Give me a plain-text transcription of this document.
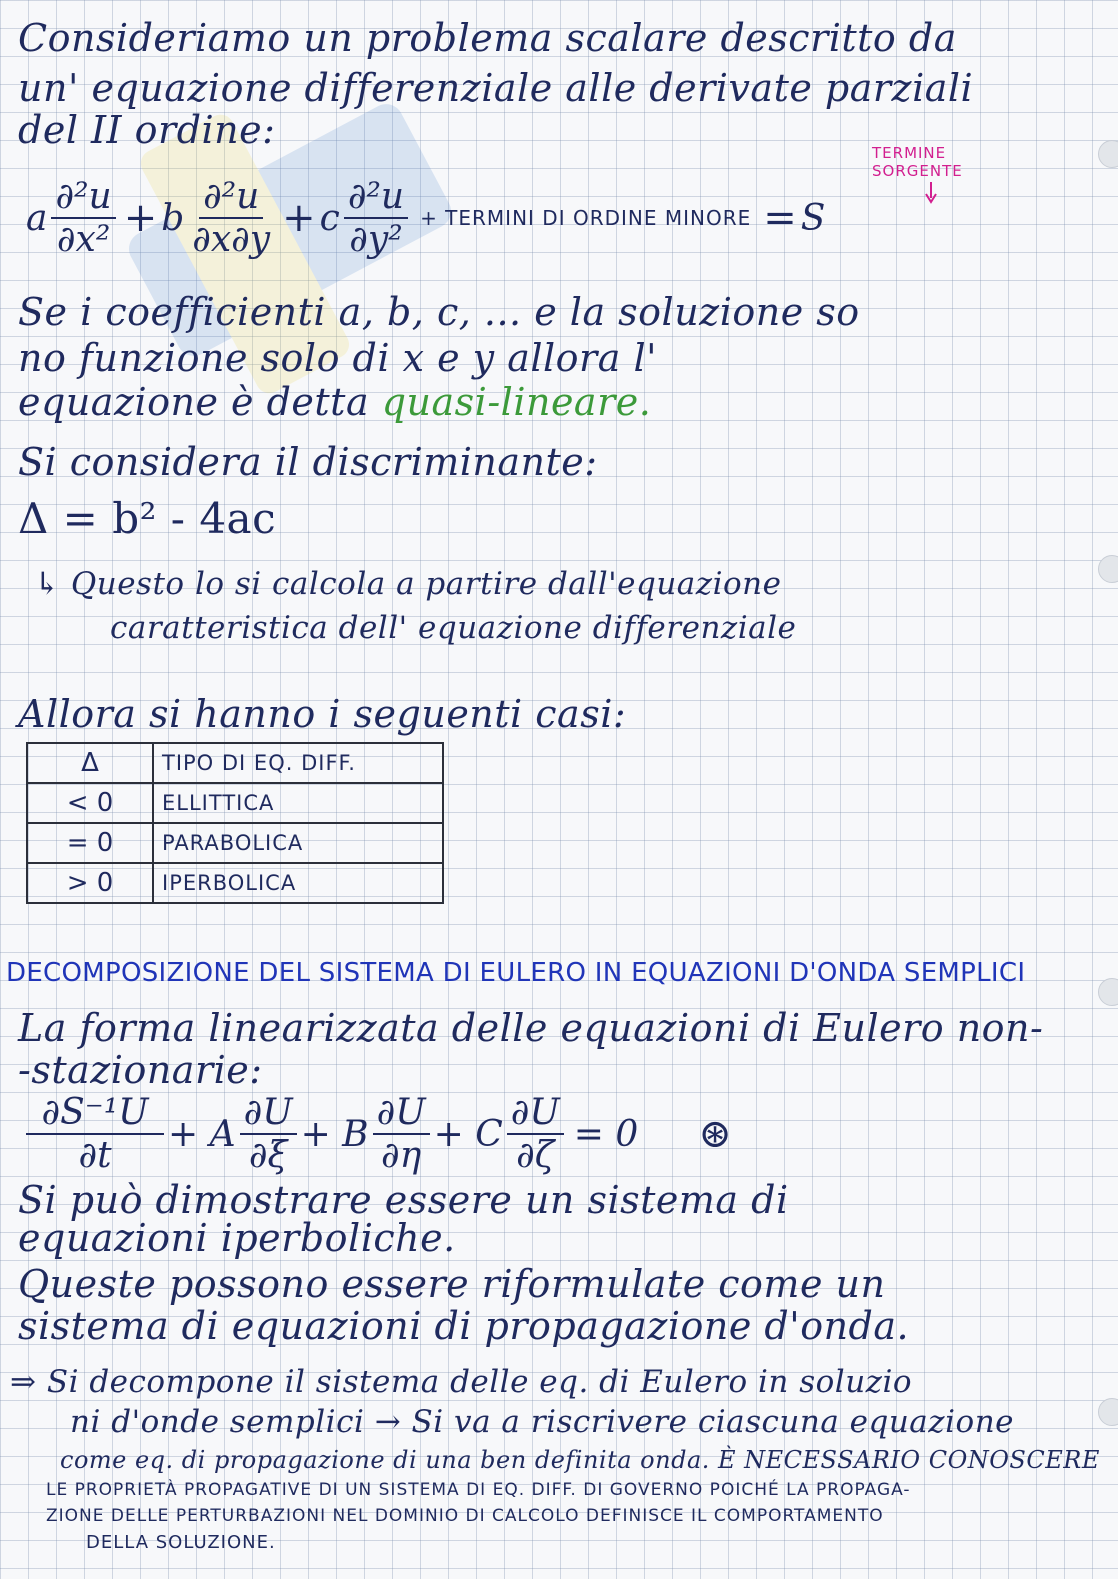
Consideriamo un problema scalare descritto da
un' equazione differenziale alle derivate parziali
del II ordine:
TERMINE
SORGENTE
a $\frac{\text{∂²u}}{\text{∂x²}} + b \frac{\text{∂²u}}{\partial x\partial y} + c \frac{\text{∂²u}}{\text{∂y²}}$ + TERMINI DI ORDINE MINORE = S
Se i coefficienti a, b, c, ... e la soluzione so
no funzione solo di x e y allora l'
equazione è detta quasi-lineare.
Si considera il discriminante:
Δ = b² - 4ac
↳ Questo lo si calcola a partire dall'equazione
caratteristica dell' equazione differenziale
Allora si hanno i seguenti casi:
Δ	TIPO DI EQ. DIFF.
< 0	ELLITTICA
= 0	PARABOLICA
> 0	IPERBOLICA
DECOMPOSIZIONE DEL SISTEMA DI EULERO IN EQUAZIONI D'ONDA SEMPLICI
La forma linearizzata delle equazioni di Eulero non-
-stazionarie:
$\frac{\text{∂S⁻¹U}}{\partial t} + A \frac{\partial U}{\partial\xi} + B \frac{\partial U}{\partial\eta} + C \frac{\partial U}{\partial\zeta} = 0$ ⊛
Si può dimostrare essere un sistema di
equazioni iperboliche.
Queste possono essere riformulate come un
sistema di equazioni di propagazione d'onda.
⇒ Si decompone il sistema delle eq. di Eulero in soluzio
ni d'onde semplici → Si va a riscrivere ciascuna equazione
come eq. di propagazione di una ben definita onda. È NECESSARIO CONOSCERE
LE PROPRIETÀ PROPAGATIVE DI UN SISTEMA DI EQ. DIFF. DI GOVERNO POICHÉ LA PROPAGA-
ZIONE DELLE PERTURBAZIONI NEL DOMINIO DI CALCOLO DEFINISCE IL COMPORTAMENTO
DELLA SOLUZIONE.
